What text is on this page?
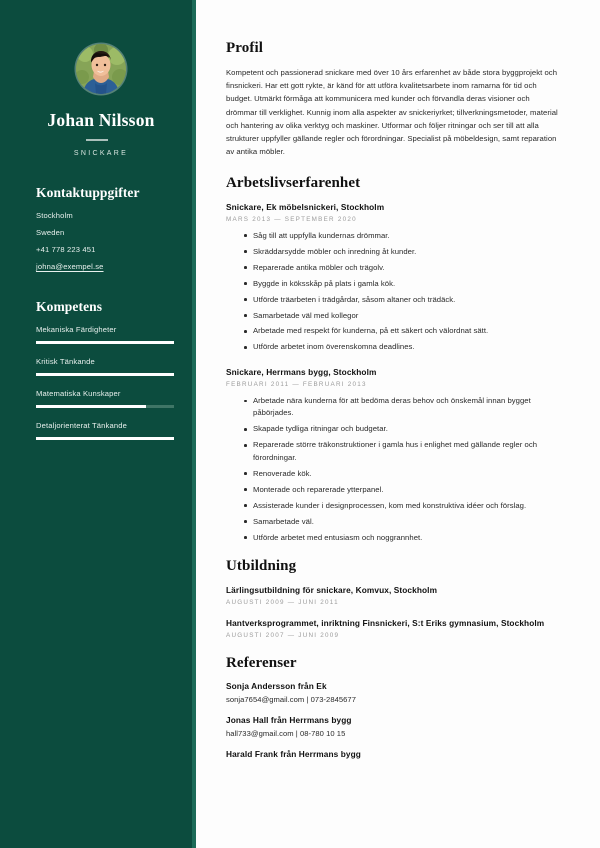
Johan Nilsson
SNICKARE
Kontaktuppgifter
Stockholm
Sweden
+41 778 223 451
johna@exempel.se
Kompetens
Mekaniska Färdigheter
Kritisk Tänkande
Matematiska Kunskaper
Detaljorienterat Tänkande
Profil

Kompetent och passionerad snickare med över 10 års erfarenhet av både stora byggprojekt och finsnickeri. Har ett gott rykte, är känd för att utföra kvalitetsarbete inom ramarna för tid och budget. Utmärkt förmåga att kommunicera med kunder och förvandla deras visioner och drömmar till verklighet. Kunnig inom alla aspekter av snickeriyrket; tillverkningsmetoder, material och hantering av olika verktyg och maskiner. Utformar och följer ritningar och ser till att alla strukturer uppfyller gällande regler och förordningar. Specialist på möbeldesign, samt reparation av antika möbler.

Arbetslivserfarenhet
Snickare, Ek möbelsnickeri, Stockholm
MARS 2013 — SEPTEMBER 2020
Såg till att uppfylla kundernas drömmar.
Skräddarsydde möbler och inredning åt kunder.
Reparerade antika möbler och trägolv.
Byggde in köksskåp på plats i gamla kök.
Utförde träarbeten i trädgårdar, såsom altaner och trädäck.
Samarbetade väl med kollegor
Arbetade med respekt för kunderna, på ett säkert och välordnat sätt.
Utförde arbetet inom överenskomna deadlines.
Snickare, Herrmans bygg, Stockholm
FEBRUARI 2011 — FEBRUARI 2013
Arbetade nära kunderna för att bedöma deras behov och önskemål innan bygget påbörjades.
Skapade tydliga ritningar och budgetar.
Reparerade större träkonstruktioner i gamla hus i enlighet med gällande regler och förordningar.
Renoverade kök.
Monterade och reparerade ytterpanel.
Assisterade kunder i designprocessen, kom med konstruktiva idéer och förslag.
Samarbetade väl.
Utförde arbetet med entusiasm och noggrannhet.
Utbildning
Lärlingsutbildning för snickare, Komvux, Stockholm
AUGUSTI 2009 — JUNI 2011
Hantverksprogrammet, inriktning Finsnickeri, S:t Eriks gymnasium, Stockholm
AUGUSTI 2007 — JUNI 2009
Referenser
Sonja Andersson från Ek
sonja7654@gmail.com | 073-2845677
Jonas Hall från Herrmans bygg
hall733@gmail.com | 08-780 10 15
Harald Frank från Herrmans bygg
